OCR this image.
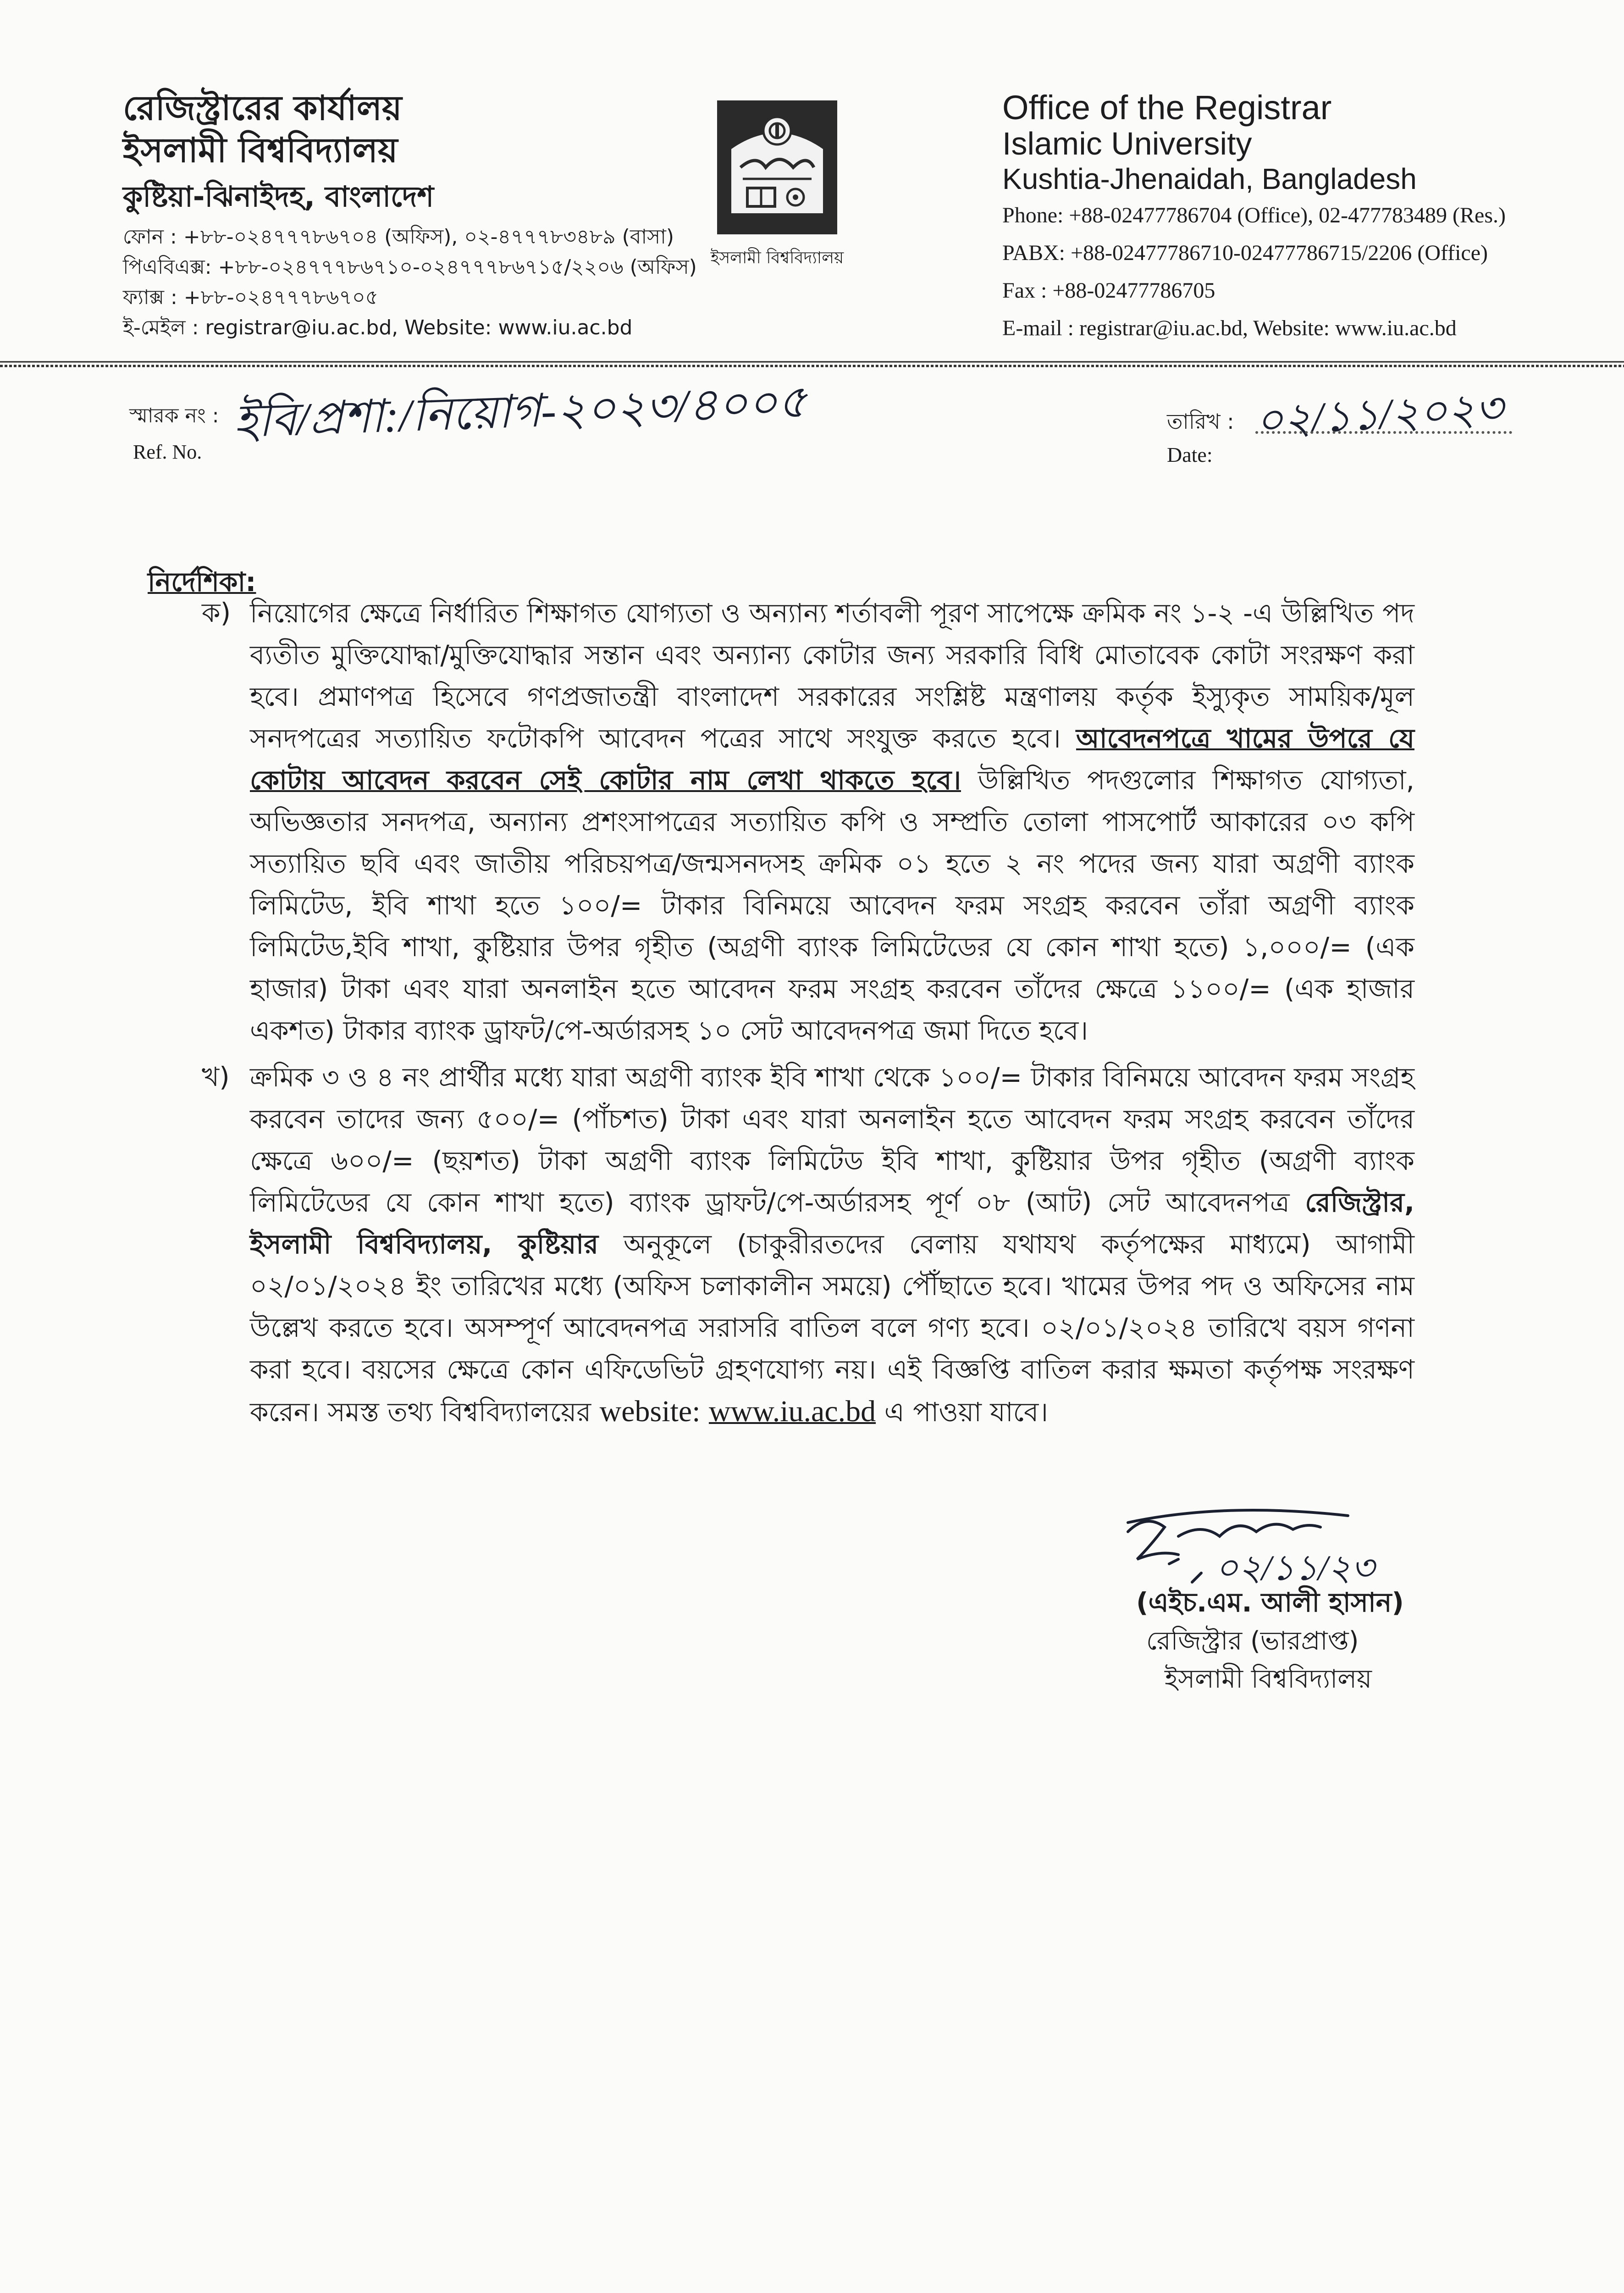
রেজিস্ট্রারের কার্যালয়
ইসলামী বিশ্ববিদ্যালয়
কুষ্টিয়া-ঝিনাইদহ, বাংলাদেশ
ফোন : +৮৮-০২৪৭৭৭৮৬৭০৪ (অফিস), ০২-৪৭৭৭৮৩৪৮৯ (বাসা)
পিএবিএক্স: +৮৮-০২৪৭৭৭৮৬৭১০-০২৪৭৭৭৮৬৭১৫/২২০৬ (অফিস)
ফ্যাক্স : +৮৮-০২৪৭৭৭৮৬৭০৫
ই-মেইল : registrar@iu.ac.bd, Website: www.iu.ac.bd
ইসলামী বিশ্ববিদ্যালয়
Office of the Registrar
Islamic University
Kushtia-Jhenaidah, Bangladesh
Phone: +88-02477786704 (Office), 02-477783489 (Res.)
PABX: +88-02477786710-02477786715/2206 (Office)
Fax : +88-02477786705
E-mail : registrar@iu.ac.bd, Website: www.iu.ac.bd
স্মারক নং :
Ref. No.
ইবি/প্রশা:/নিয়োগ-২০২৩/৪০০৫	তারিখ :
Date:
০২/১১/২০২৩
নির্দেশিকা:
ক) নিয়োগের ক্ষেত্রে নির্ধারিত শিক্ষাগত যোগ্যতা ও অন্যান্য শর্তাবলী পূরণ সাপেক্ষে ক্রমিক নং ১-২ -এ উল্লিখিত পদ ব্যতীত মুক্তিযোদ্ধা/মুক্তিযোদ্ধার সন্তান এবং অন্যান্য কোটার জন্য সরকারি বিধি মোতাবেক কোটা সংরক্ষণ করা হবে। প্রমাণপত্র হিসেবে গণপ্রজাতন্ত্রী বাংলাদেশ সরকারের সংশ্লিষ্ট মন্ত্রণালয় কর্তৃক ইস্যুকৃত সাময়িক/মূল সনদপত্রের সত্যায়িত ফটোকপি আবেদন পত্রের সাথে সংযুক্ত করতে হবে। আবেদনপত্রে খামের উপরে যে কোটায় আবেদন করবেন সেই কোটার নাম লেখা থাকতে হবে। উল্লিখিত পদগুলোর শিক্ষাগত যোগ্যতা, অভিজ্ঞতার সনদপত্র, অন্যান্য প্রশংসাপত্রের সত্যায়িত কপি ও সম্প্রতি তোলা পাসপোর্ট আকারের ০৩ কপি সত্যায়িত ছবি এবং জাতীয় পরিচয়পত্র/জন্মসনদসহ ক্রমিক ০১ হতে ২ নং পদের জন্য যারা অগ্রণী ব্যাংক লিমিটেড, ইবি শাখা হতে ১০০/= টাকার বিনিময়ে আবেদন ফরম সংগ্রহ করবেন তাঁরা অগ্রণী ব্যাংক লিমিটেড,ইবি শাখা, কুষ্টিয়ার উপর গৃহীত (অগ্রণী ব্যাংক লিমিটেডের যে কোন শাখা হতে) ১,০০০/= (এক হাজার) টাকা এবং যারা অনলাইন হতে আবেদন ফরম সংগ্রহ করবেন তাঁদের ক্ষেত্রে ১১০০/= (এক হাজার একশত) টাকার ব্যাংক ড্রাফট/পে-অর্ডারসহ ১০ সেট আবেদনপত্র জমা দিতে হবে।
খ) ক্রমিক ৩ ও ৪ নং প্রার্থীর মধ্যে যারা অগ্রণী ব্যাংক ইবি শাখা থেকে ১০০/= টাকার বিনিময়ে আবেদন ফরম সংগ্রহ করবেন তাদের জন্য ৫০০/= (পাঁচশত) টাকা এবং যারা অনলাইন হতে আবেদন ফরম সংগ্রহ করবেন তাঁদের ক্ষেত্রে ৬০০/= (ছয়শত) টাকা অগ্রণী ব্যাংক লিমিটেড ইবি শাখা, কুষ্টিয়ার উপর গৃহীত (অগ্রণী ব্যাংক লিমিটেডের যে কোন শাখা হতে) ব্যাংক ড্রাফট/পে-অর্ডারসহ পূর্ণ ০৮ (আট) সেট আবেদনপত্র রেজিস্ট্রার, ইসলামী বিশ্ববিদ্যালয়, কুষ্টিয়ার অনুকূলে (চাকুরীরতদের বেলায় যথাযথ কর্তৃপক্ষের মাধ্যমে) আগামী ০২/০১/২০২৪ ইং তারিখের মধ্যে (অফিস চলাকালীন সময়ে) পৌঁছাতে হবে। খামের উপর পদ ও অফিসের নাম উল্লেখ করতে হবে। অসম্পূর্ণ আবেদনপত্র সরাসরি বাতিল বলে গণ্য হবে। ০২/০১/২০২৪ তারিখে বয়স গণনা করা হবে। বয়সের ক্ষেত্রে কোন এফিডেভিট গ্রহণযোগ্য নয়। এই বিজ্ঞপ্তি বাতিল করার ক্ষমতা কর্তৃপক্ষ সংরক্ষণ করেন। সমস্ত তথ্য বিশ্ববিদ্যালয়ের website: www.iu.ac.bd এ পাওয়া যাবে।
০২/১১/২৩
(এইচ.এম. আলী হাসান)
রেজিস্ট্রার (ভারপ্রাপ্ত)
ইসলামী বিশ্ববিদ্যালয়
